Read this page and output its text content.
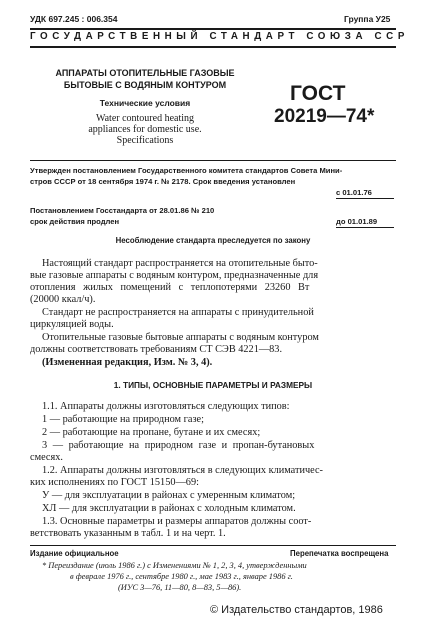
УДК 697.245 : 006.354	Группа У25
ГОСУДАРСТВЕННЫЙ СТАНДАРТ СОЮЗА ССР
АППАРАТЫ ОТОПИТЕЛЬНЫЕ ГАЗОВЫЕ
БЫТОВЫЕ С ВОДЯНЫМ КОНТУРОМ
Технические условия
Water contoured heating
appliances for domestic use.
Specifications
ГОСТ
20219—74*
Утвержден постановлением Государственного комитета стандартов Совета Мини-
стров СССР от 18 сентября 1974 г. № 2178. Срок введения установлен
с 01.01.76
Постановлением Госстандарта от 28.01.86 № 210
срок действия продлен	до 01.01.89
Несоблюдение стандарта преследуется по закону
Настоящий стандарт распространяется на отопительные быто-
вые газовые аппараты с водяным контуром, предназначенные для
отопления жилых помещений с теплопотерями 23260 Вт
(20000 ккал/ч).
Стандарт не распространяется на аппараты с принудительной
циркуляцией воды.
Отопительные газовые бытовые аппараты с водяным контуром
должны соответствовать требованиям СТ СЭВ 4221—83.
(Измененная редакция, Изм. № 3, 4).
1. ТИПЫ, ОСНОВНЫЕ ПАРАМЕТРЫ И РАЗМЕРЫ
1.1. Аппараты должны изготовляться следующих типов:
1 — работающие на природном газе;
2 — работающие на пропане, бутане и их смесях;
3 — работающие на природном газе и пропан-бутановых
смесях.
1.2. Аппараты должны изготовляться в следующих климатичес-
ких исполнениях по ГОСТ 15150—69:
У — для эксплуатации в районах с умеренным климатом;
ХЛ — для эксплуатации в районах с холодным климатом.
1.3. Основные параметры и размеры аппаратов должны соот-
ветствовать указанным в табл. 1 и на черт. 1.
Издание официальное	Перепечатка воспрещена
* Переиздание (июль 1986 г.) с Изменениями № 1, 2, 3, 4, утвержденными
в феврале 1976 г., сентябре 1980 г., мае 1983 г., январе 1986 г.
(ИУС 3—76, 11—80, 8—83, 5—86).
© Издательство стандартов, 1986
